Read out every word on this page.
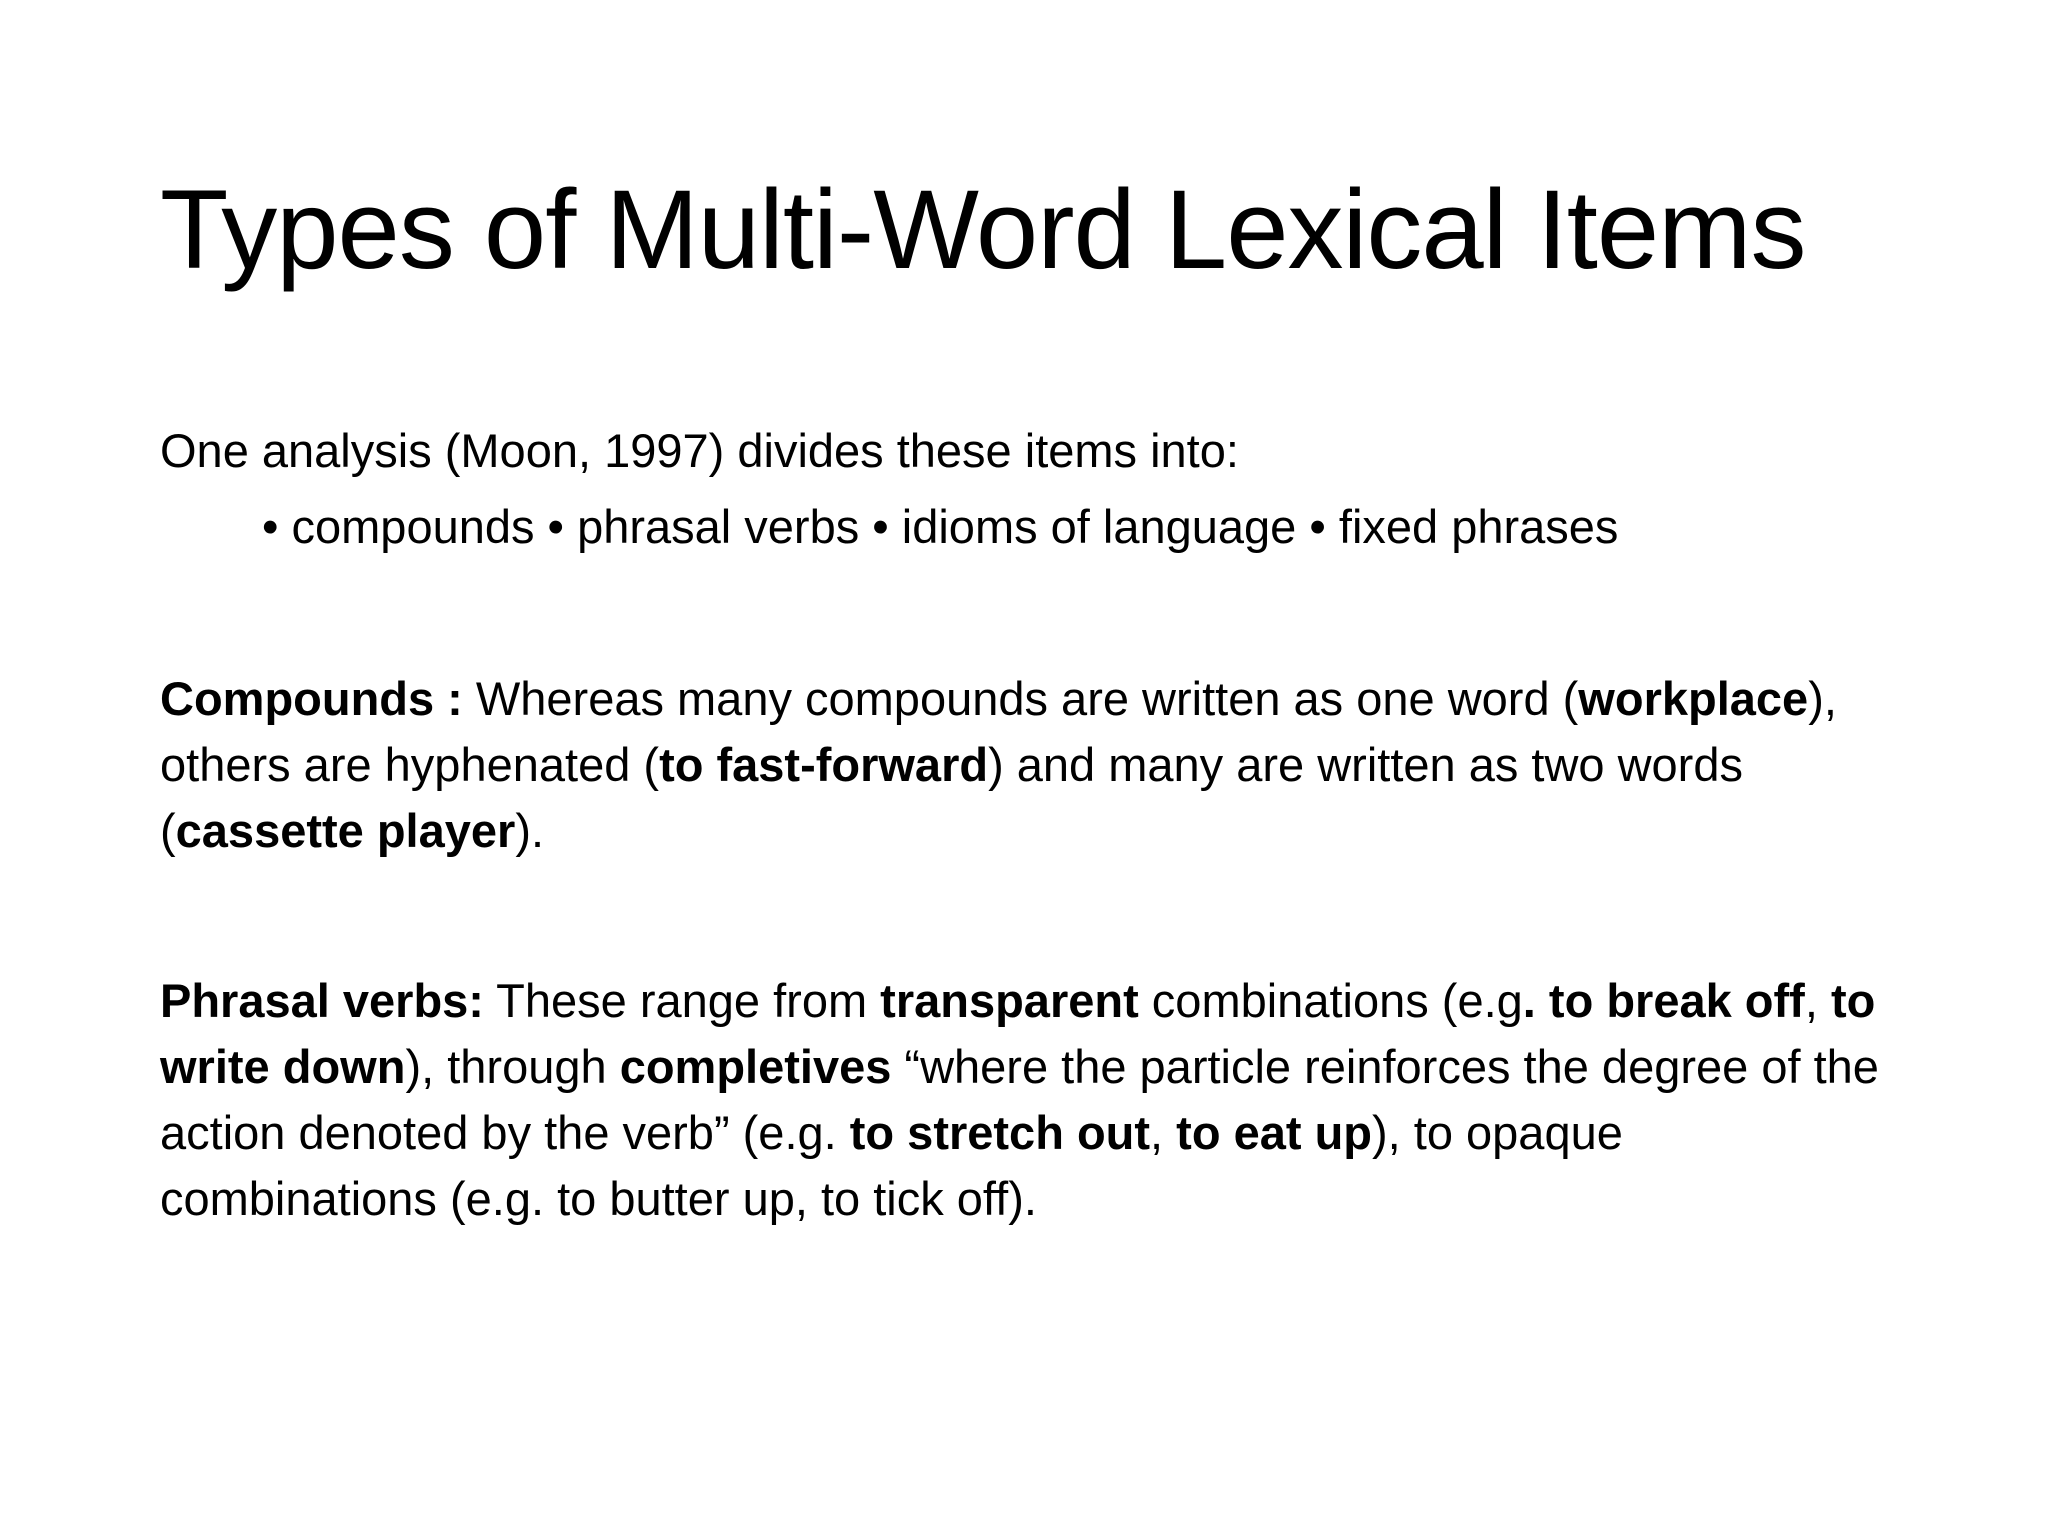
Types of Multi-Word Lexical Items

One analysis (Moon, 1997) divides these items into:

• compounds • phrasal verbs • idioms of language • fixed phrases

Compounds : Whereas many compounds are written as one word (workplace), others are hyphenated (to fast-forward) and many are written as two words (cassette player).

Phrasal verbs: These range from transparent combinations (e.g. to break off, to write down), through completives “where the particle reinforces the degree of the action denoted by the verb” (e.g. to stretch out, to eat up), to opaque combinations (e.g. to butter up, to tick off).
